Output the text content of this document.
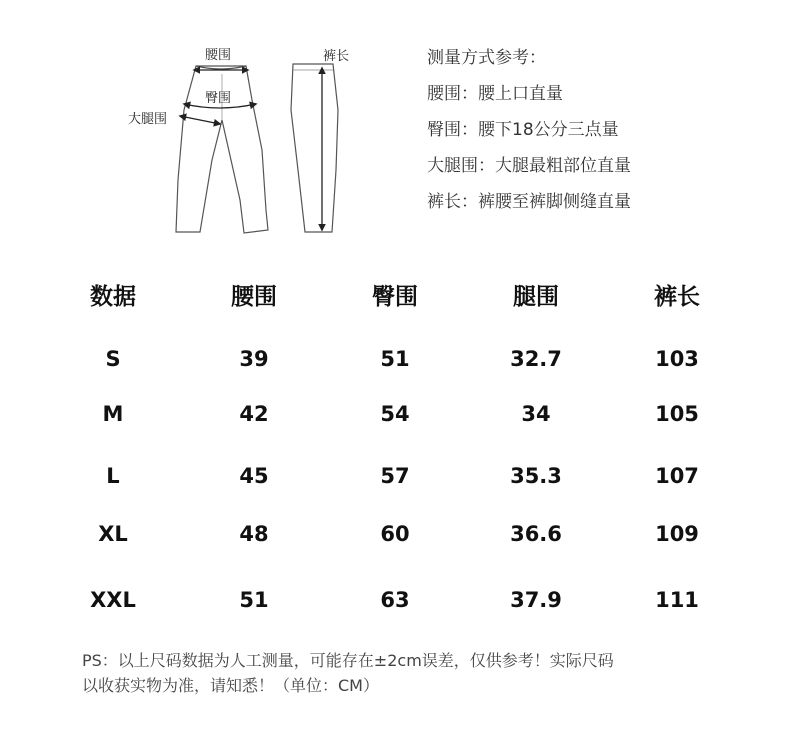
腰围
臀围
大腿围
裤长	测量方式参考：
腰围：腰上口直量
臀围：腰下18公分三点量
大腿围：大腿最粗部位直量
裤长：裤腰至裤脚侧缝直量
数据	腰围	臀围	腿围	裤长
S	39	51	32.7	103
M	42	54	34	105
L	45	57	35.3	107
XL	48	60	36.6	109
XXL	51	63	37.9	111
PS：以上尺码数据为人工测量，可能存在±2cm误差，仅供参考！实际尺码
以收获实物为准，请知悉！（单位：CM）
